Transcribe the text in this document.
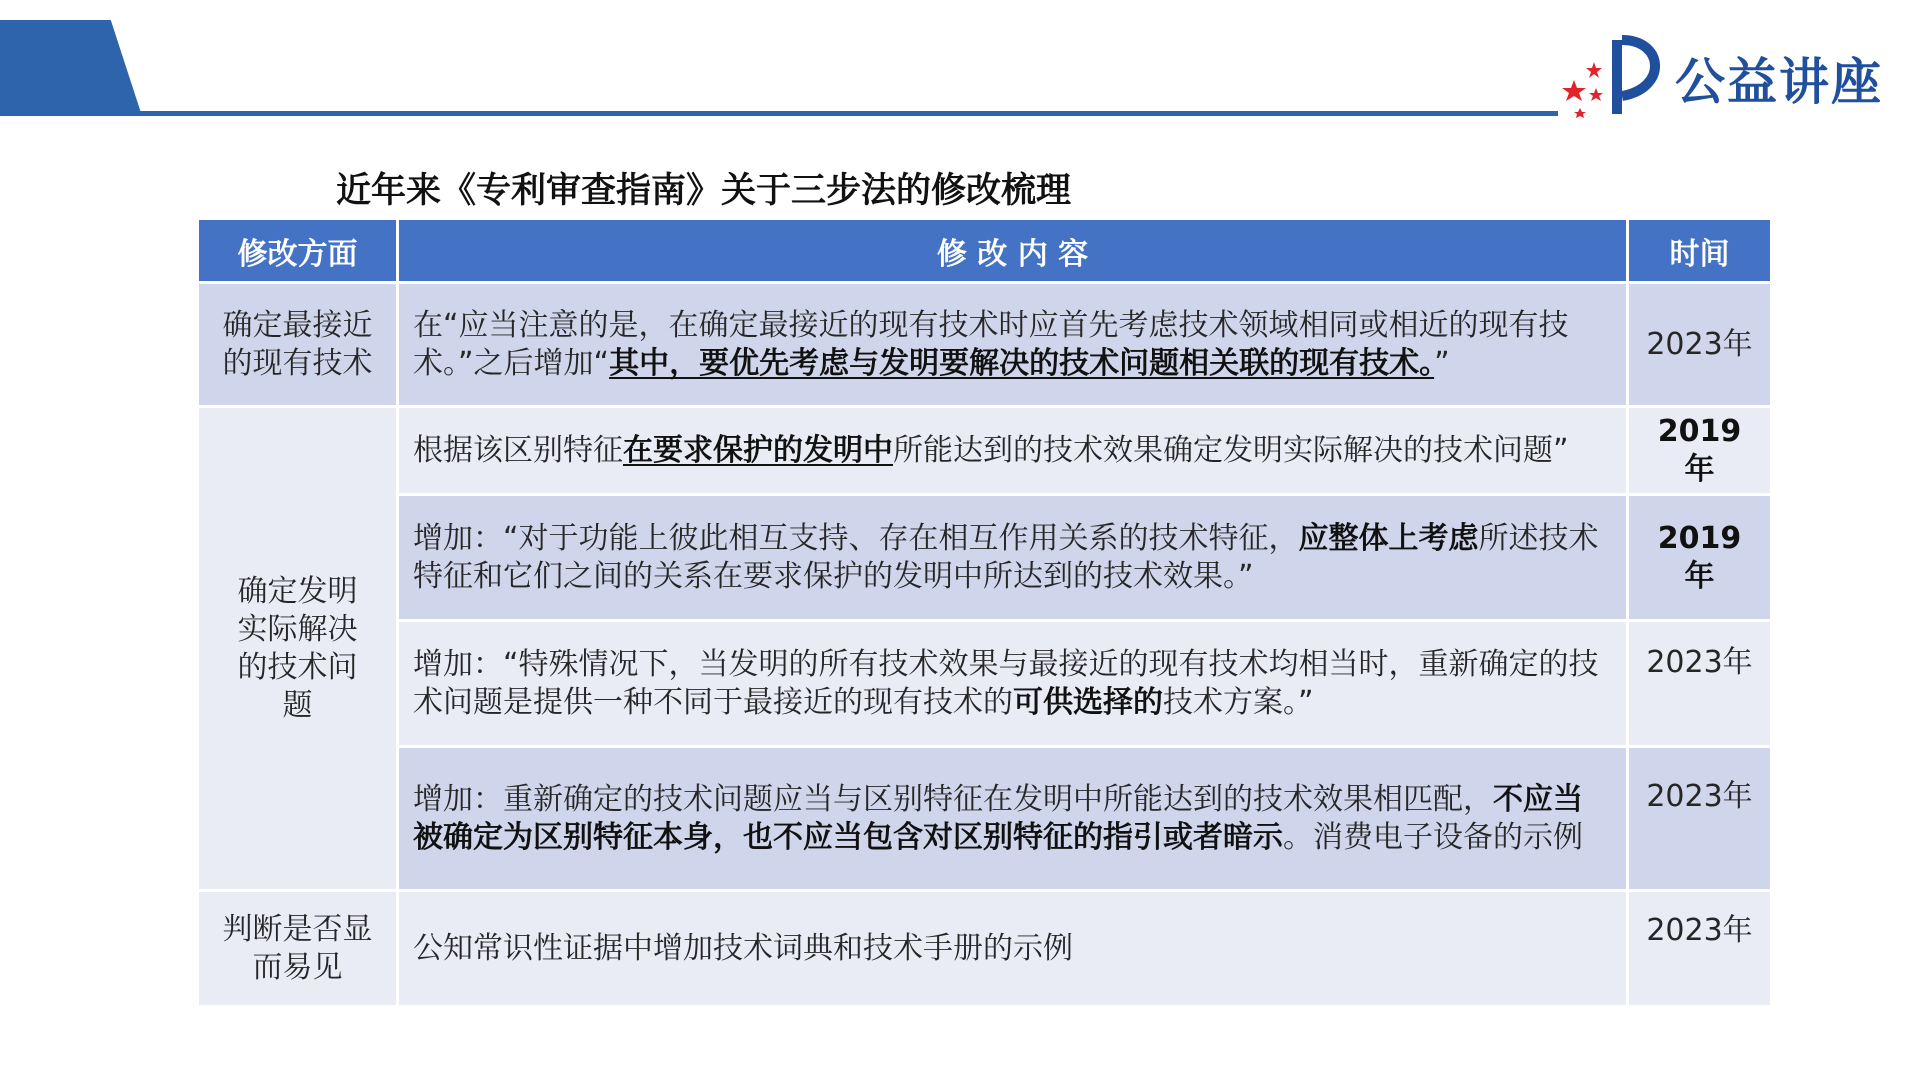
公益讲座
近年来《专利审查指南》关于三步法的修改梳理
修改方面	修 改 内 容	时间

确定最接近的现有技术	在“应当注意的是，在确定最接近的现有技术时应首先考虑技术领域相同或相近的现有技术。”之后增加“其中，要优先考虑与发明要解决的技术问题相关联的现有技术。”	2023年

确定发明实际解决的技术问题	根据该区别特征在要求保护的发明中所能达到的技术效果确定发明实际解决的技术问题”	2019年
	增加：“对于功能上彼此相互支持、存在相互作用关系的技术特征，应整体上考虑所述技术特征和它们之间的关系在要求保护的发明中所达到的技术效果。”	2019年
	增加：“特殊情况下，当发明的所有技术效果与最接近的现有技术均相当时，重新确定的技术问题是提供一种不同于最接近的现有技术的可供选择的技术方案。”	2023年
	增加：重新确定的技术问题应当与区别特征在发明中所能达到的技术效果相匹配，不应当被确定为区别特征本身，也不应当包含对区别特征的指引或者暗示。消费电子设备的示例	2023年

判断是否显而易见	公知常识性证据中增加技术词典和技术手册的示例	2023年
